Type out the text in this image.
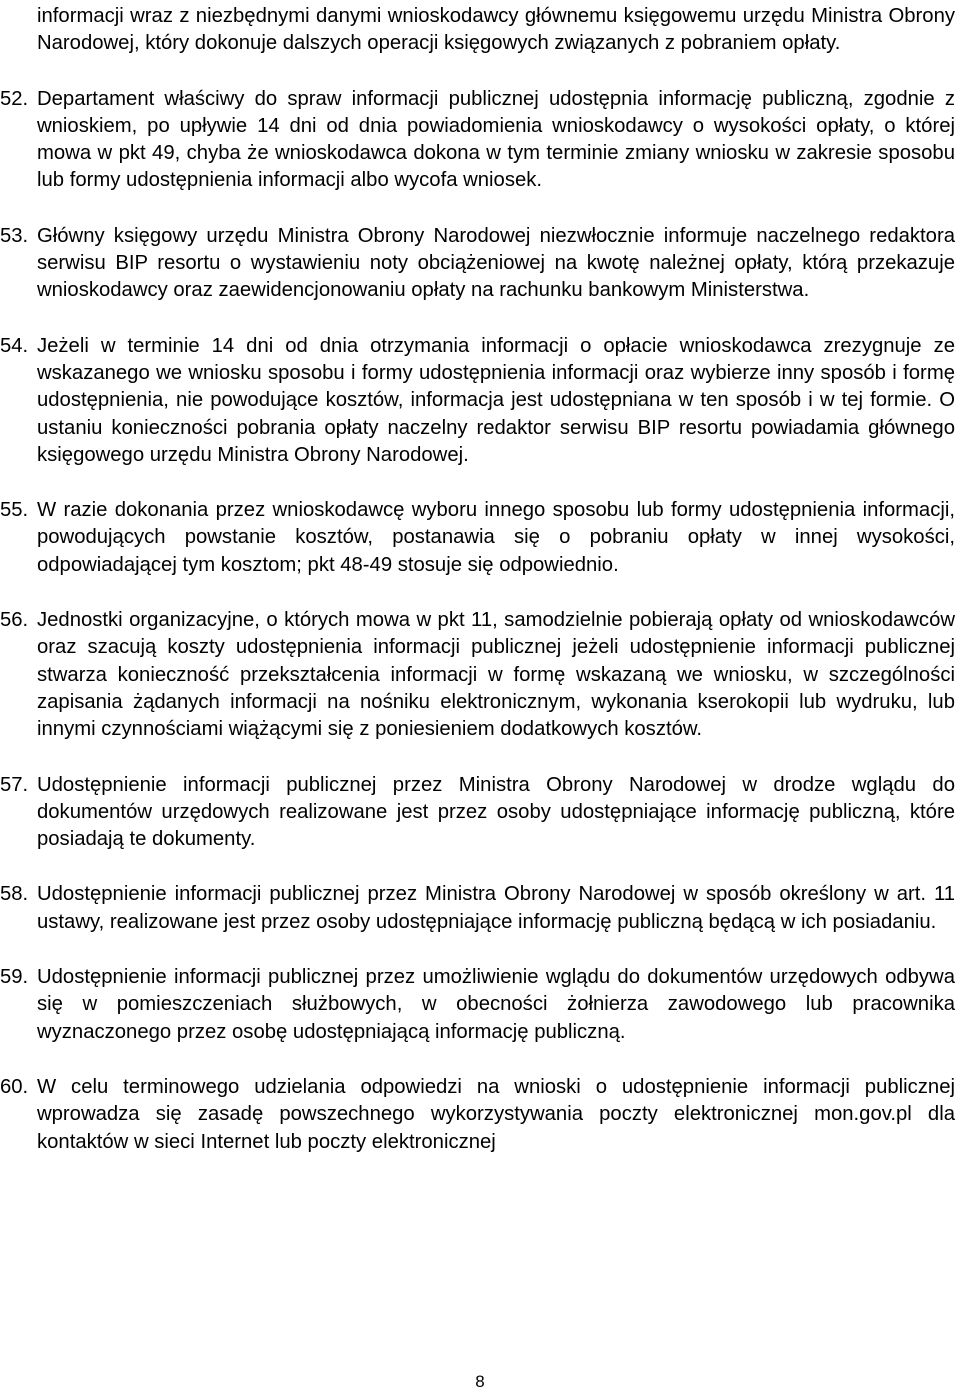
informacji wraz z niezbędnymi danymi wnioskodawcy głównemu księgowemu urzędu Ministra Obrony Narodowej, który dokonuje dalszych operacji księgowych związanych z pobraniem opłaty.
52. Departament właściwy do spraw informacji publicznej udostępnia informację publiczną, zgodnie z wnioskiem, po upływie 14 dni od dnia powiadomienia wnioskodawcy o wysokości opłaty, o której mowa w pkt 49, chyba że wnioskodawca dokona w tym terminie zmiany wniosku w zakresie sposobu lub formy udostępnienia informacji albo wycofa wniosek.
53. Główny księgowy urzędu Ministra Obrony Narodowej niezwłocznie informuje naczelnego redaktora serwisu BIP resortu o wystawieniu noty obciążeniowej na kwotę należnej opłaty, którą przekazuje wnioskodawcy oraz zaewidencjonowaniu opłaty na rachunku bankowym Ministerstwa.
54. Jeżeli w terminie 14 dni od dnia otrzymania informacji o opłacie wnioskodawca zrezygnuje ze wskazanego we wniosku sposobu i formy udostępnienia informacji oraz wybierze inny sposób i formę udostępnienia, nie powodujące kosztów, informacja jest udostępniana w ten sposób i w tej formie. O ustaniu konieczności pobrania opłaty naczelny redaktor serwisu BIP resortu powiadamia głównego księgowego urzędu Ministra Obrony Narodowej.
55. W razie dokonania przez wnioskodawcę wyboru innego sposobu lub formy udostępnienia informacji, powodujących powstanie kosztów, postanawia się o pobraniu opłaty w innej wysokości, odpowiadającej tym kosztom; pkt 48-49 stosuje się odpowiednio.
56. Jednostki organizacyjne, o których mowa w pkt 11, samodzielnie pobierają opłaty od wnioskodawców oraz szacują koszty udostępnienia informacji publicznej jeżeli udostępnienie informacji publicznej stwarza konieczność przekształcenia informacji w formę wskazaną we wniosku, w szczególności zapisania żądanych informacji na nośniku elektronicznym, wykonania kserokopii lub wydruku, lub innymi czynnościami wiążącymi się z poniesieniem dodatkowych kosztów.
57. Udostępnienie informacji publicznej przez Ministra Obrony Narodowej w drodze wglądu do dokumentów urzędowych realizowane jest przez osoby udostępniające informację publiczną, które posiadają te dokumenty.
58. Udostępnienie informacji publicznej przez Ministra Obrony Narodowej w sposób określony w art. 11 ustawy, realizowane jest przez osoby udostępniające informację publiczną będącą w ich posiadaniu.
59. Udostępnienie informacji publicznej przez umożliwienie wglądu do dokumentów urzędowych odbywa się w pomieszczeniach służbowych, w obecności żołnierza zawodowego lub pracownika wyznaczonego przez osobę udostępniającą informację publiczną.
60. W celu terminowego udzielania odpowiedzi na wnioski o udostępnienie informacji publicznej wprowadza się zasadę powszechnego wykorzystywania poczty elektronicznej mon.gov.pl dla kontaktów w sieci Internet lub poczty elektronicznej
8
